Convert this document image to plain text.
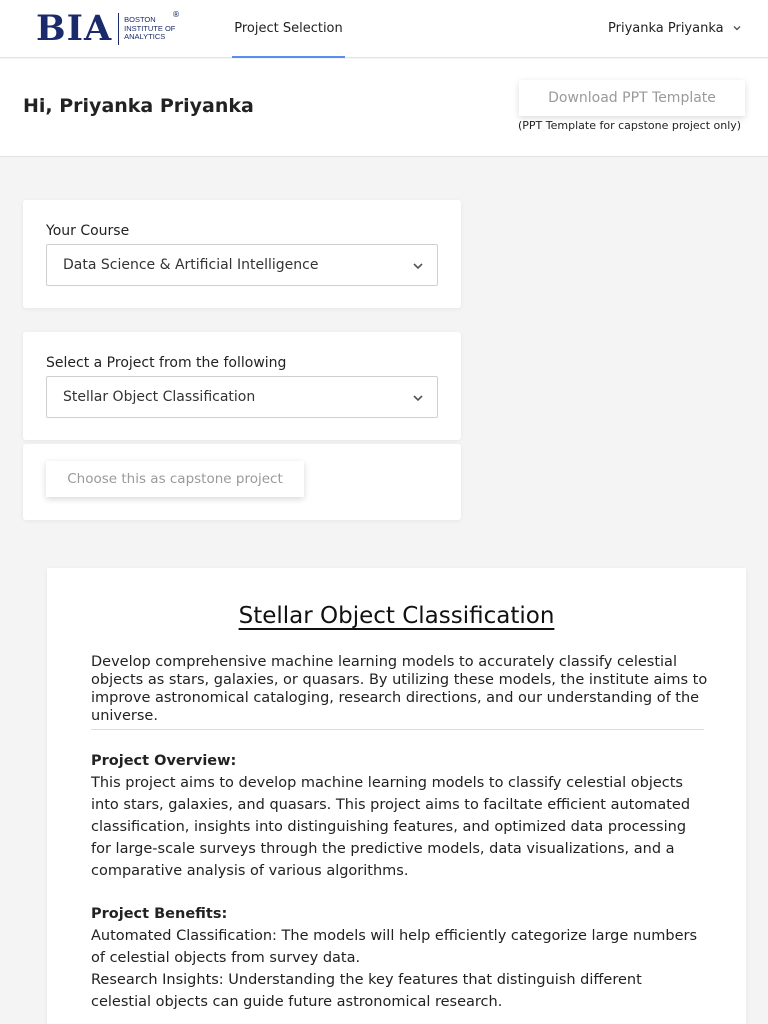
BIA BOSTON
INSTITUTE OF
ANALYTICS
®
Project Selection	Priyanka Priyanka
Hi, Priyanka Priyanka	Download PPT Template
(PPT Template for capstone project only)
Your Course
Data Science & Artificial Intelligence
Select a Project from the following
Stellar Object Classification
Choose this as capstone project
Stellar Object Classification

Develop comprehensive machine learning models to accurately classify celestial objects as stars, galaxies, or quasars. By utilizing these models, the institute aims to improve astronomical cataloging, research directions, and our understanding of the universe.

Project Overview:

This project aims to develop machine learning models to classify celestial objects into stars, galaxies, and quasars. This project aims to faciltate efficient automated classification, insights into distinguishing features, and optimized data processing for large-scale surveys through the predictive models, data visualizations, and a comparative analysis of various algorithms.

Project Benefits:

Automated Classification: The models will help efficiently categorize large numbers of celestial objects from survey data.

Research Insights: Understanding the key features that distinguish different celestial objects can guide future astronomical research.
